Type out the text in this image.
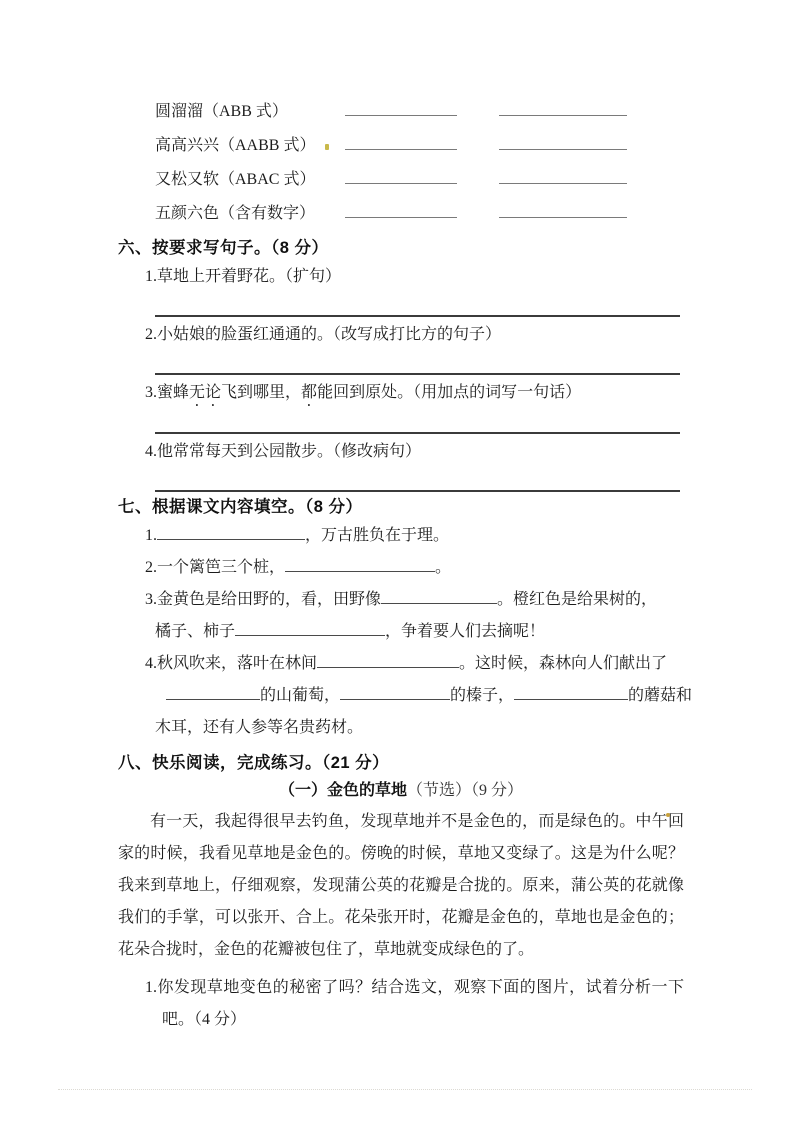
圆溜溜（ABB 式）
高高兴兴（AABB 式）
又松又软（ABAC 式）
五颜六色（含有数字）
六、按要求写句子。（8 分）
1.草地上开着野花。（扩句）
2.小姑娘的脸蛋红通通的。（改写成打比方的句子）
3.蜜蜂无论飞到哪里，都能回到原处。（用加点的词写一句话）
4.他常常每天到公园散步。（修改病句）
七、根据课文内容填空。（8 分）
1.	，万古胜负在于理。
2.一个篱笆三个桩，	。
3.金黄色是给田野的，看，田野像	。橙红色是给果树的，
橘子、柿子	，争着要人们去摘呢！
4.秋风吹来，落叶在林间	。这时候，森林向人们献出了
的山葡萄，	的榛子，	的蘑菇和
木耳，还有人参等名贵药材。
八、快乐阅读，完成练习。（21 分）
（一）金色的草地（节选）（9 分）

有一天，我起得很早去钓鱼，发现草地并不是金色的，而是绿色的。中午回家的时候，我看见草地是金色的。傍晚的时候，草地又变绿了。这是为什么呢？我来到草地上，仔细观察，发现蒲公英的花瓣是合拢的。原来，蒲公英的花就像我们的手掌，可以张开、合上。花朵张开时，花瓣是金色的，草地也是金色的；花朵合拢时，金色的花瓣被包住了，草地就变成绿色的了。

1.你发现草地变色的秘密了吗？结合选文，观察下面的图片，试着分析一下吧。（4 分）
